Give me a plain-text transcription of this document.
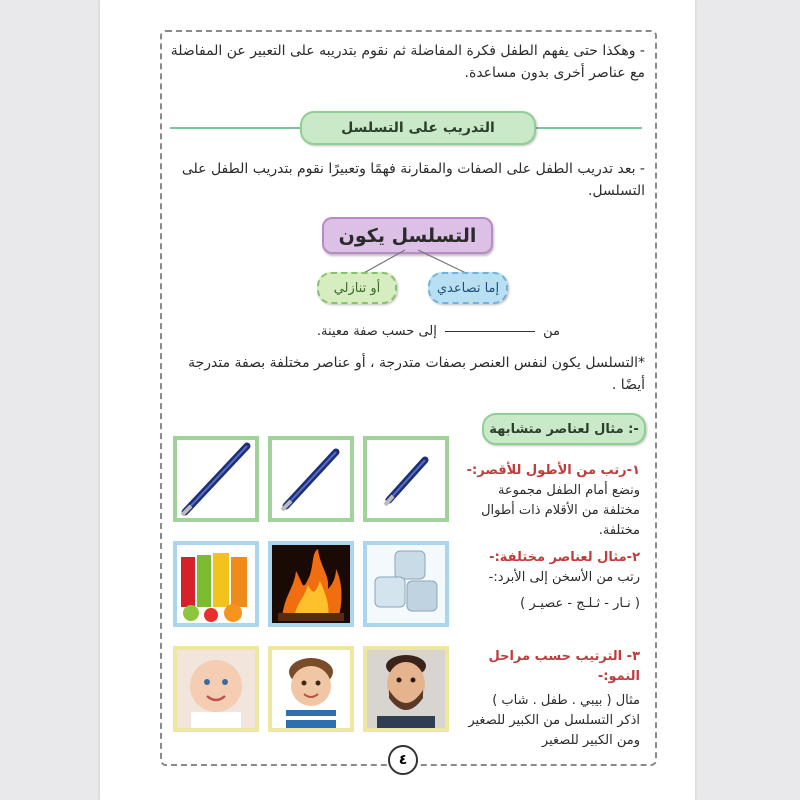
- وهكذا حتى يفهم الطفل فكرة المفاضلة ثم نقوم بتدريبه على التعبير عن المفاضلة
مع عناصر أخرى بدون مساعدة.
التدريب على التسلسل
- بعد تدريب الطفل على الصفات والمقارنة فهمًا وتعبيرًا نقوم بتدريب الطفل على
التسلسل.
التسلسل يكون
أو تنازلي	إما تصاعدي
من  إلى حسب صفة معينة.
*التسلسل يكون لنفس العنصر بصفات متدرجة ، أو عناصر مختلفة بصفة متدرجة
أيضًا .
مثال لعناصر متشابهة :-
١-رتب من الأطول للأقصر:-
ونضع أمام الطفل مجموعة
مختلفة من الأقلام ذات أطوال
مختلفة.
٢-مثال لعناصر مختلفة:-
رتب من الأسخن إلى الأبرد:-
( نـار - ثـلـج - عصيـر )
٣- الترتيب حسب مراحل النمو:-
مثال ( بيبي . طفل . شاب )
اذكر التسلسل من الكبير للصغير
ومن الكبير للصغير
٤
